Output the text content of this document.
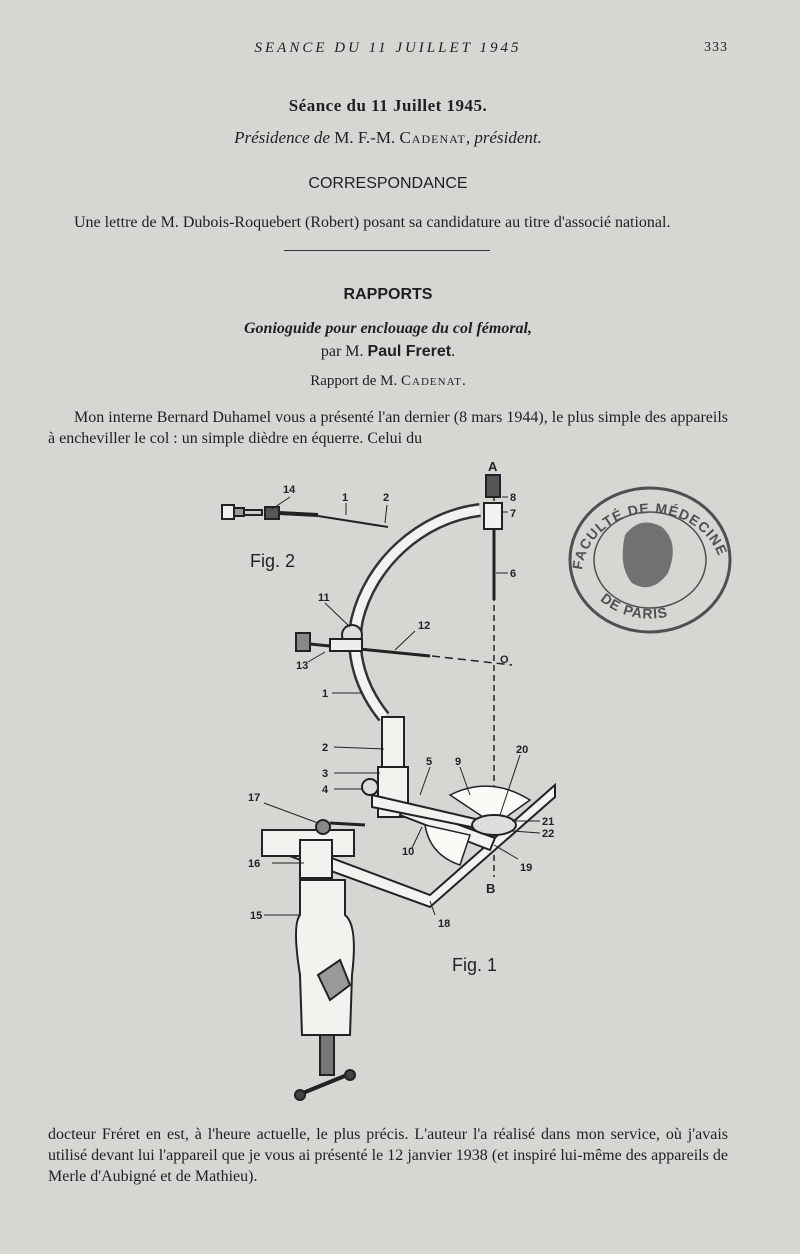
SEANCE DU 11 JUILLET 1945	333
Séance du 11 Juillet 1945.
Présidence de M. F.-M. Cadenat, président.
CORRESPONDANCE
Une lettre de M. Dubois-Roquebert (Robert) posant sa candidature au titre d'associé national.
RAPPORTS
Gonioguide pour enclouage du col fémoral,
par M. Paul Freret.
Rapport de M. Cadenat.
Mon interne Bernard Duhamel vous a présenté l'an dernier (8 mars 1944), le plus simple des appareils à encheviller le col : un simple dièdre en équerre. Celui du
14
1	2
A
B
O
8
7
6
11
12
13
1
2
3
4
5 9
20
17
21
22
10
19
16
15
18
Fig. 2
Fig. 1
FACULTÉ DE MÉDECINE
DE PARIS
docteur Fréret en est, à l'heure actuelle, le plus précis. L'auteur l'a réalisé dans mon service, où j'avais utilisé devant lui l'appareil que je vous ai présenté le 12 janvier 1938 (et inspiré lui-même des appareils de Merle d'Aubigné et de Mathieu).
